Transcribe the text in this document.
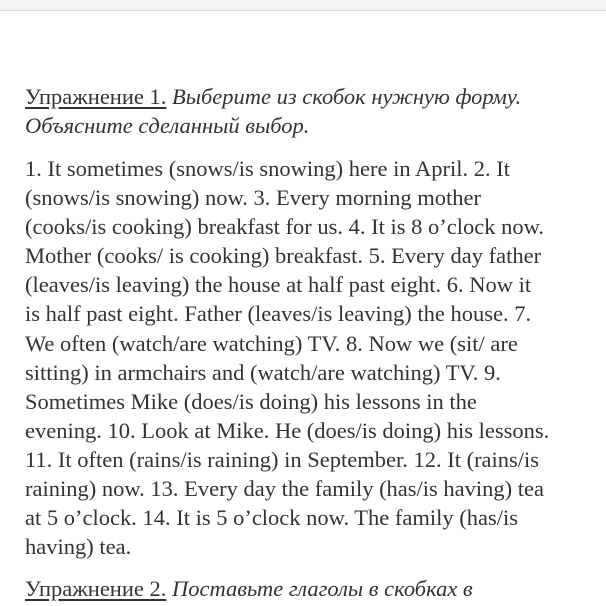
Упражнение 1. Выберите из скобок нужную форму.
Объясните сделанный выбор.

1. It sometimes (snows/is snowing) here in April. 2. It
(snows/is snowing) now. 3. Every morning mother
(cooks/is cooking) breakfast for us. 4. It is 8 o’clock now.
Mother (cooks/ is cooking) breakfast. 5. Every day father
(leaves/is leaving) the house at half past eight. 6. Now it
is half past eight. Father (leaves/is leaving) the house. 7.
We often (watch/are watching) TV. 8. Now we (sit/ are
sitting) in armchairs and (watch/are watching) TV. 9.
Sometimes Mike (does/is doing) his lessons in the
evening. 10. Look at Mike. He (does/is doing) his lessons.
11. It often (rains/is raining) in September. 12. It (rains/is
raining) now. 13. Every day the family (has/is having) tea
at 5 o’clock. 14. It is 5 o’clock now. The family (has/is
having) tea.

Упражнение 2. Поставьте глаголы в скобках в
